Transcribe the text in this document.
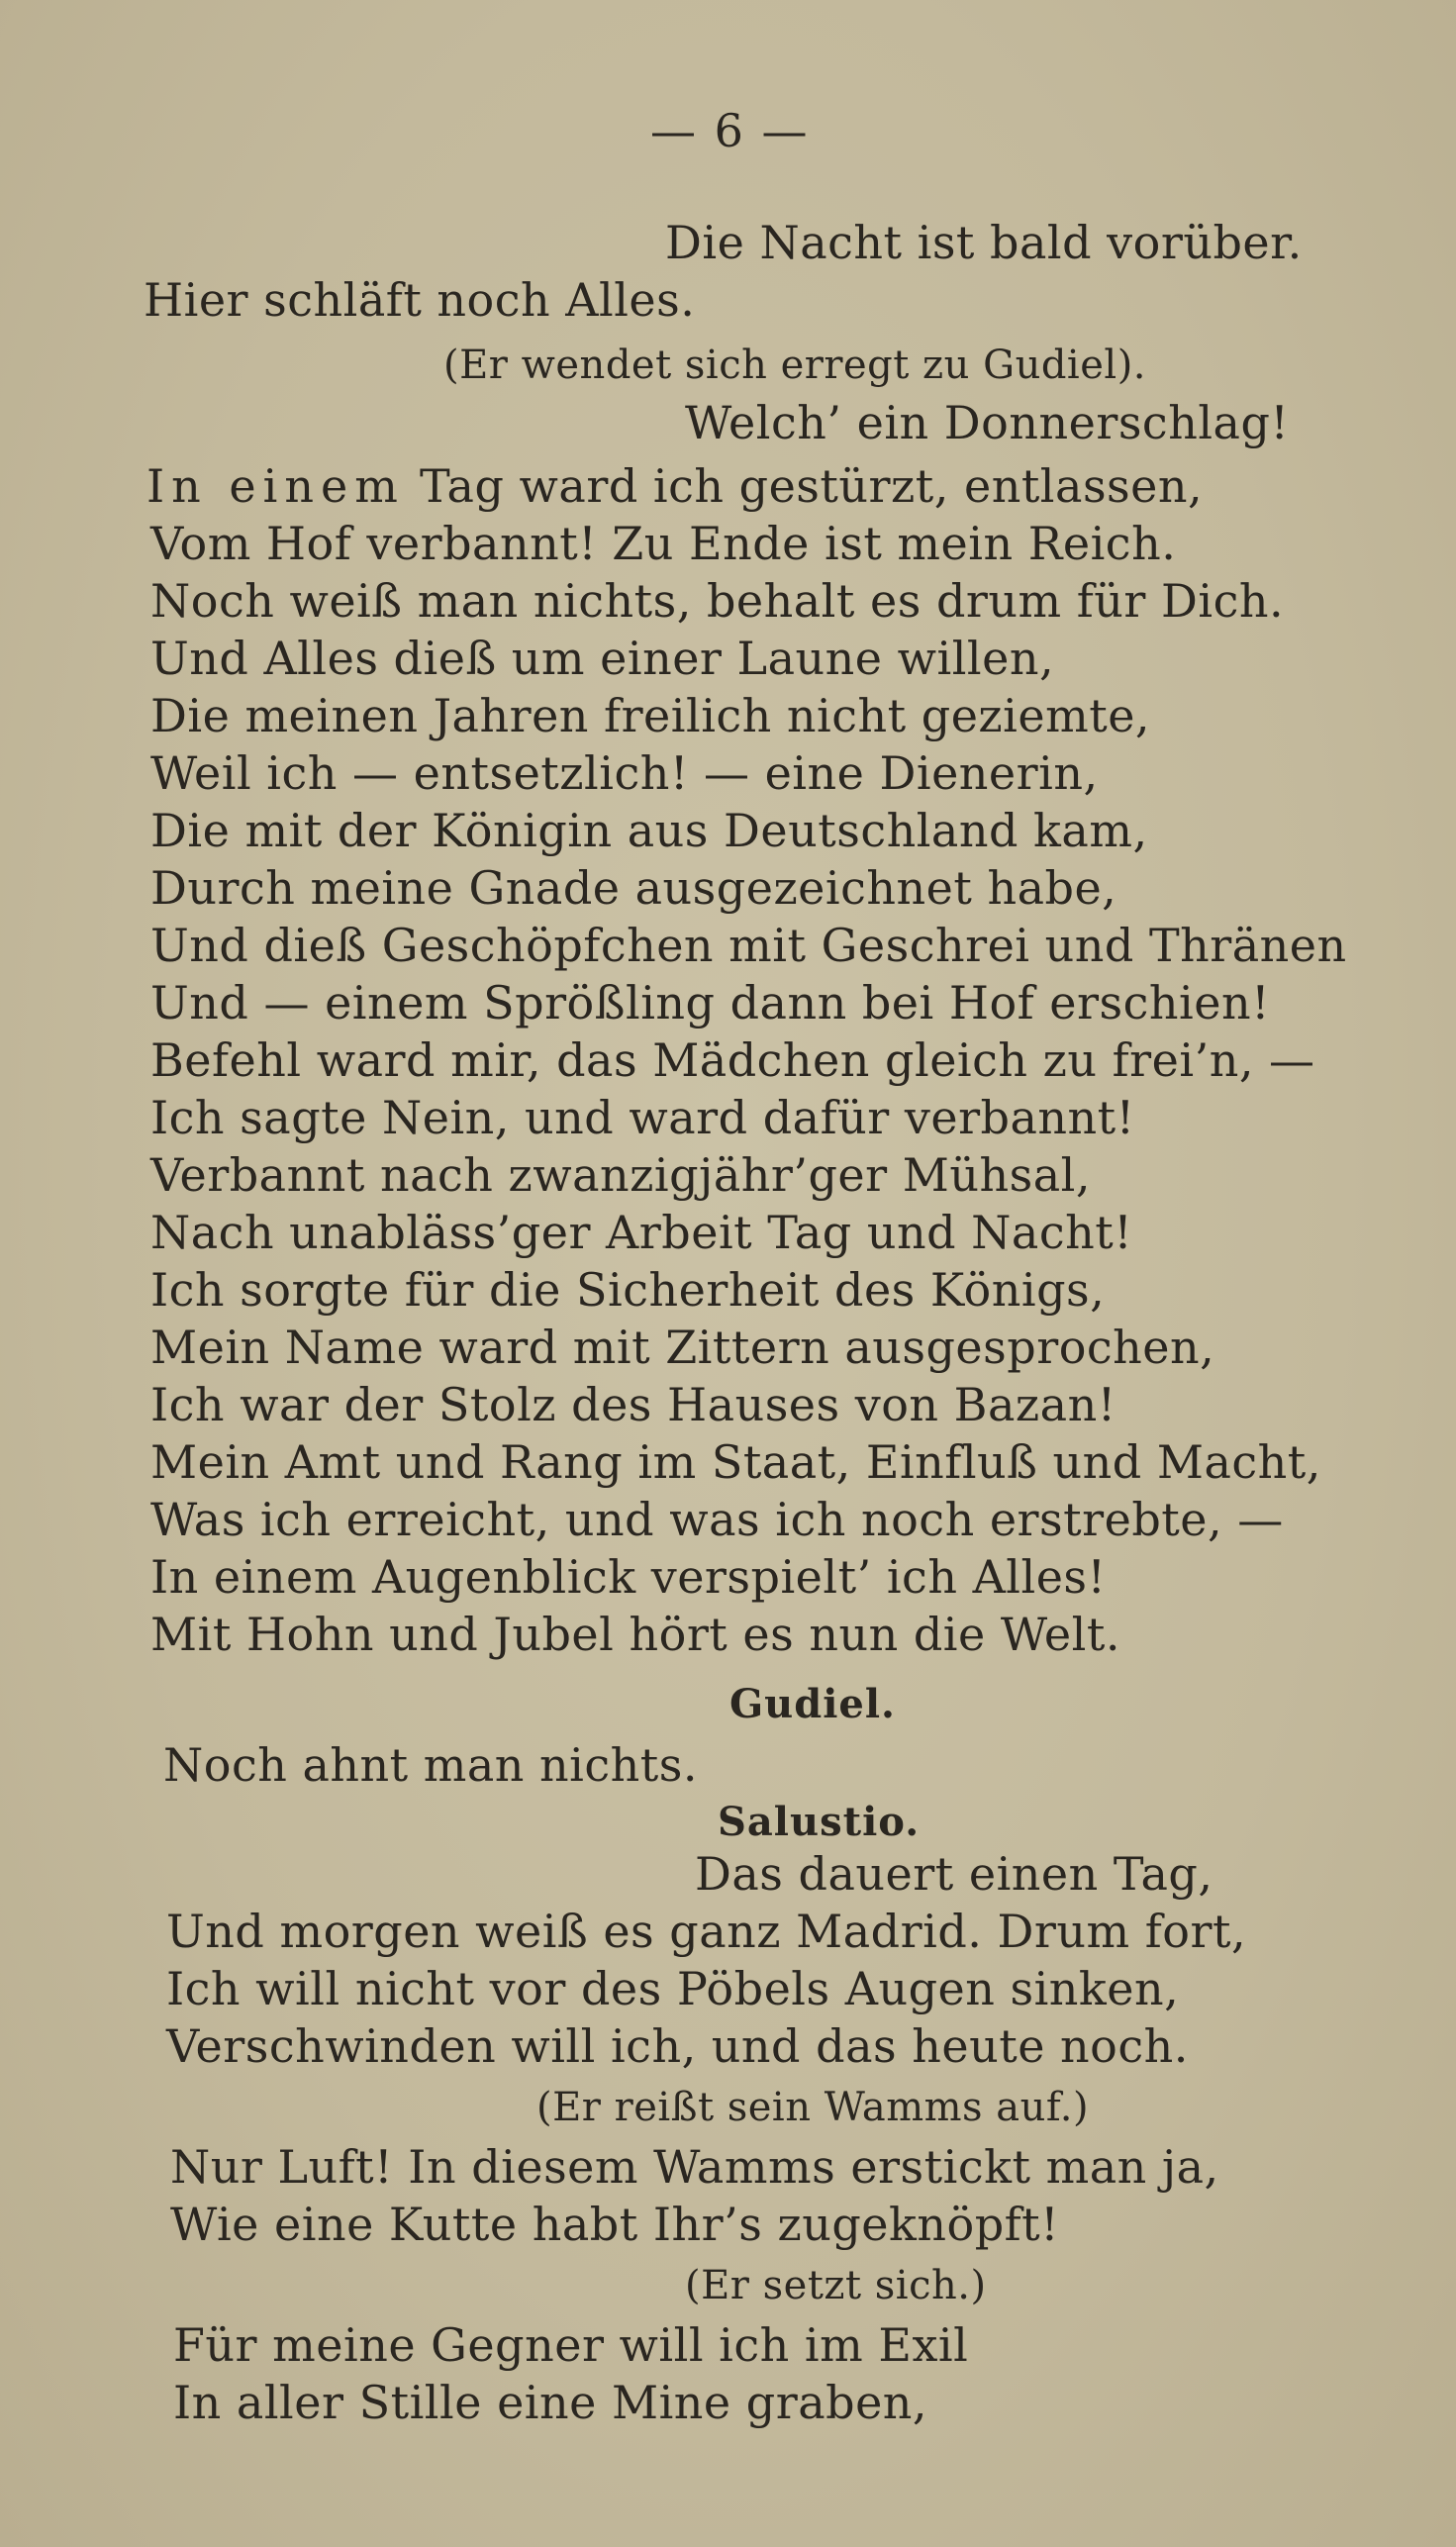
— 6 —
Die Nacht ist bald vorüber.
Hier schläft noch Alles.
(Er wendet sich erregt zu Gudiel).
Welch’ ein Donnerschlag!
In einem Tag ward ich gestürzt, entlassen,
Vom Hof verbannt! Zu Ende ist mein Reich.
Noch weiß man nichts, behalt es drum für Dich.
Und Alles dieß um einer Laune willen,
Die meinen Jahren freilich nicht geziemte,
Weil ich — entsetzlich! — eine Dienerin,
Die mit der Königin aus Deutschland kam,
Durch meine Gnade ausgezeichnet habe,
Und dieß Geschöpfchen mit Geschrei und Thränen
Und — einem Sprößling dann bei Hof erschien!
Befehl ward mir, das Mädchen gleich zu frei’n, —
Ich sagte Nein, und ward dafür verbannt!
Verbannt nach zwanzigjähr’ger Mühsal,
Nach unabläss’ger Arbeit Tag und Nacht!
Ich sorgte für die Sicherheit des Königs,
Mein Name ward mit Zittern ausgesprochen,
Ich war der Stolz des Hauses von Bazan!
Mein Amt und Rang im Staat, Einfluß und Macht,
Was ich erreicht, und was ich noch erstrebte, —
In einem Augenblick verspielt’ ich Alles!
Mit Hohn und Jubel hört es nun die Welt.
Gudiel.
Noch ahnt man nichts.
Salustio.
Das dauert einen Tag,
Und morgen weiß es ganz Madrid. Drum fort,
Ich will nicht vor des Pöbels Augen sinken,
Verschwinden will ich, und das heute noch.
(Er reißt sein Wamms auf.)
Nur Luft! In diesem Wamms erstickt man ja,
Wie eine Kutte habt Ihr’s zugeknöpft!
(Er setzt sich.)
Für meine Gegner will ich im Exil
In aller Stille eine Mine graben,
